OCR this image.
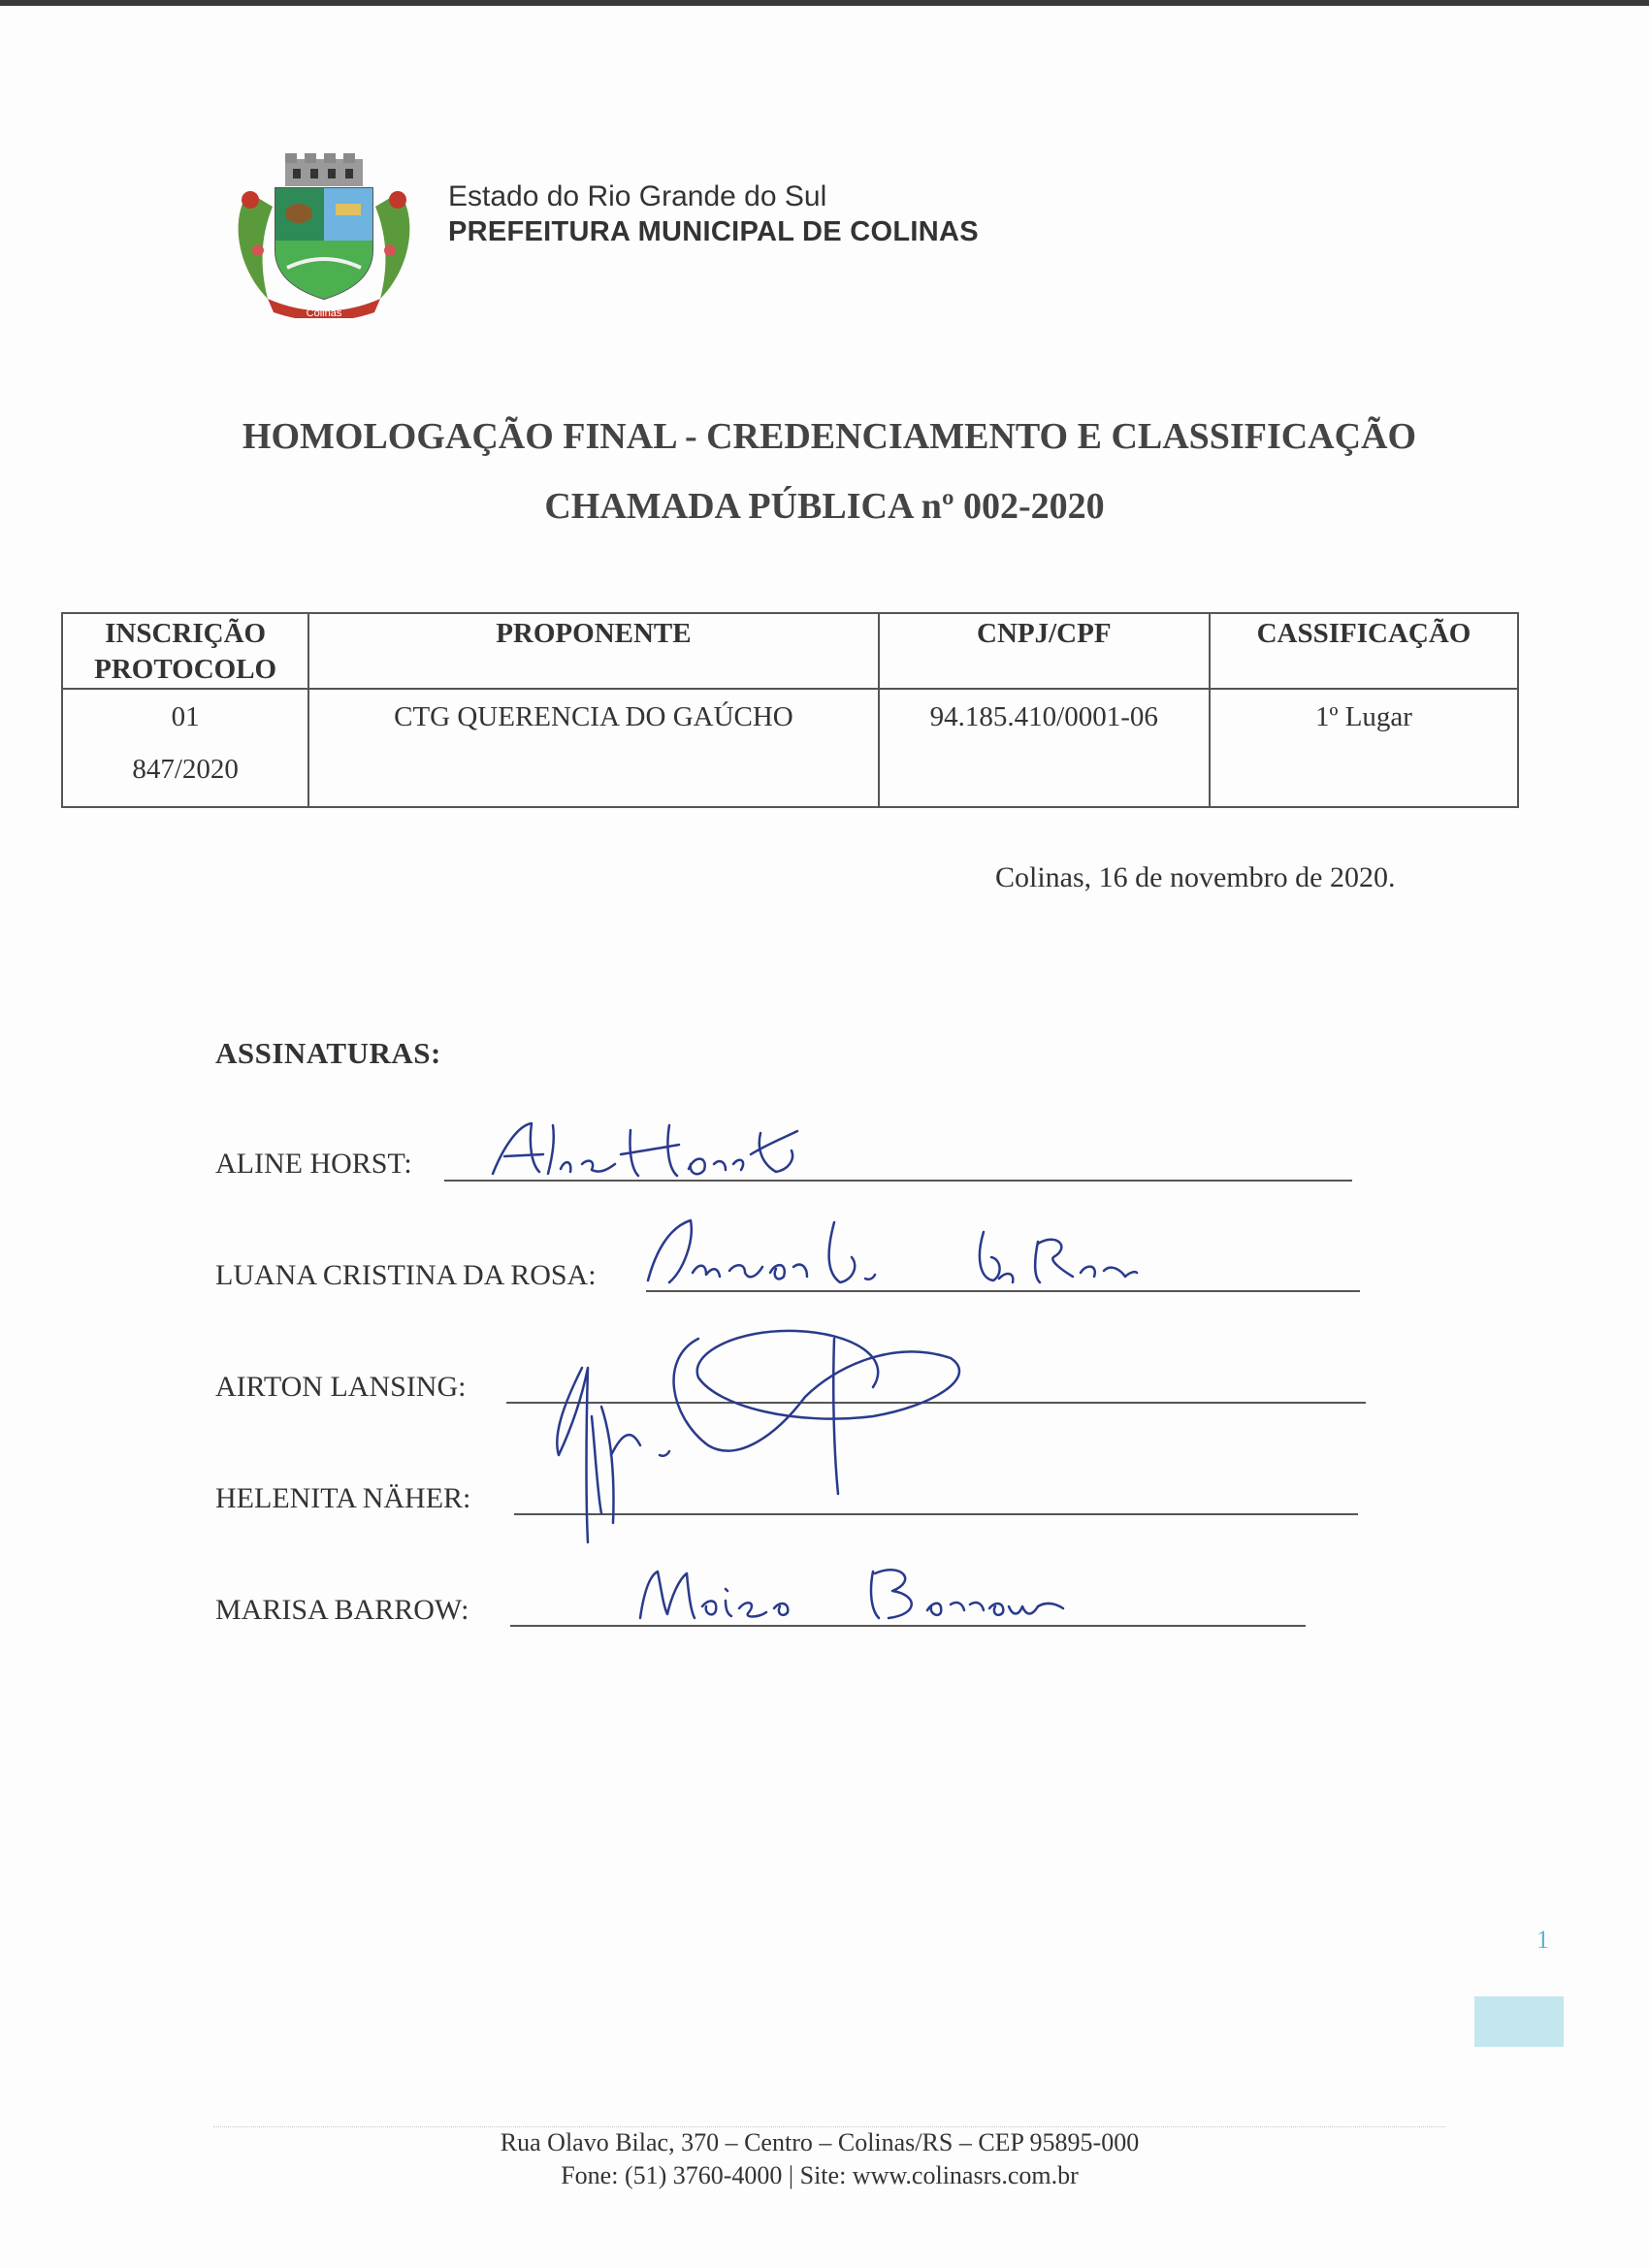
Colinas
Estado do Rio Grande do Sul
PREFEITURA MUNICIPAL DE COLINAS
HOMOLOGAÇÃO FINAL - CREDENCIAMENTO E CLASSIFICAÇÃO
CHAMADA PÚBLICA nº 002-2020
INSCRIÇÃO PROTOCOLO	PROPONENTE	CNPJ/CPF	CASSIFICAÇÃO
01
847/2020	CTG QUERENCIA DO GAÚCHO	94.185.410/0001-06	1º Lugar
Colinas, 16 de novembro de 2020.
ASSINATURAS:
ALINE HORST:
LUANA CRISTINA DA ROSA:
AIRTON LANSING:
HELENITA NÄHER:
MARISA BARROW:
1
Rua Olavo Bilac, 370 – Centro – Colinas/RS – CEP 95895-000
Fone: (51) 3760-4000 | Site: www.colinasrs.com.br
